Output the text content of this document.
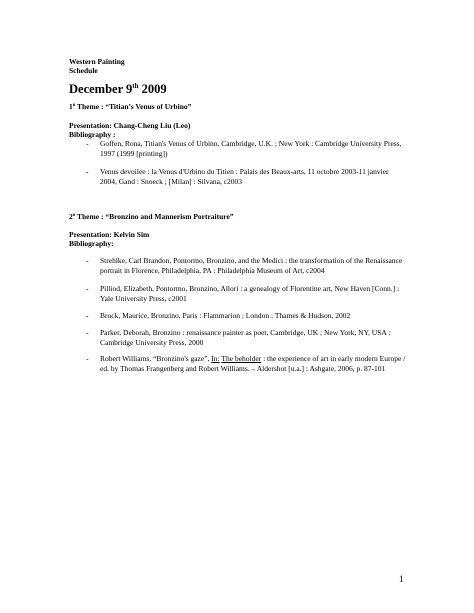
Western Painting
Schedule
December 9th 2009
1$^o$ Theme : “Titian’s Venus of Urbino”
Presentation: Chang-Cheng Liu (Leo)
Bibliography :
- Goffen, Rona, Titian's Venus of Urbino, Cambridge, U.K. ; New York : Cambridge University Press, 1997 (1999 [printing])
- Venus devoilee : la Venus d'Urbino du Titien : Palais des Beaux-arts, 11 octobre 2003-11 janvier 2004, Gand : Snoeck ; [Milan] : Silvana, c2003
2$^o$ Theme : “Bronzino and Mannerism Portraiture”
Presentation: Kelvin Sim
Bibliography:
- Strehlke, Carl Brandon, Pontormo, Bronzino, and the Medici : the transformation of the Renaissance portrait in Florence, Philadelphia, PA : Philadelphia Museum of Art, c2004
- Pilliod, Elizabeth, Pontormo, Bronzino, Allori : a genealogy of Florentine art, New Haven [Conn.] : Yale University Press, c2001
- Brock, Maurice, Bronzino, Paris : Flammarion ; London : Thames & Hudson, 2002
- Parker, Deborah, Bronzino : renaissance painter as poet, Cambridge, UK ; New York, NY, USA : Cambridge University Press, 2000
- Robert Williams, “Bronzino's gaze”, In: The beholder : the experience of art in early modern Europe / ed. by Thomas Frangenberg and Robert Williams. – Aldershot [u.a.] : Ashgate, 2006, p. 87-101
1
